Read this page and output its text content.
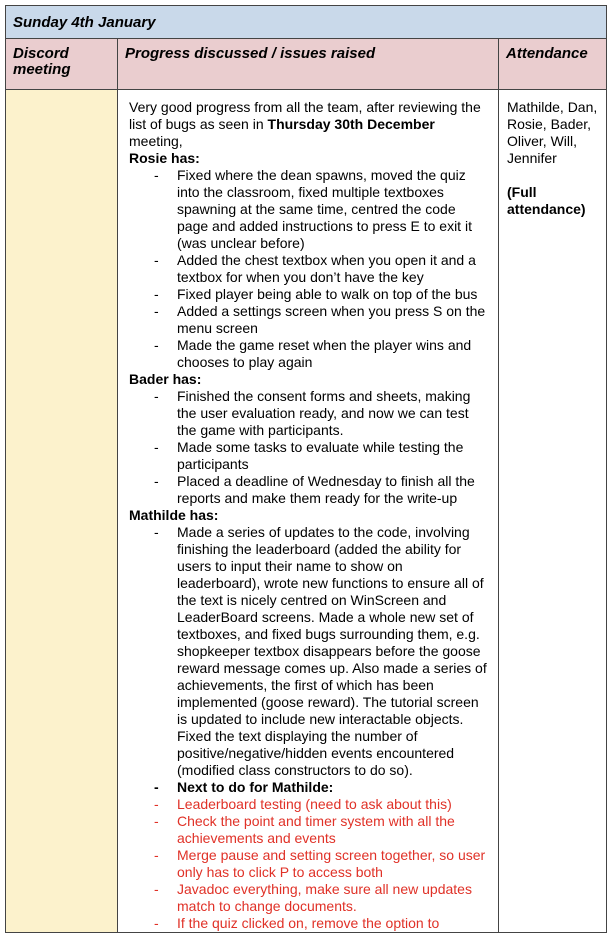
Sunday 4th January
Discord meeting
Progress discussed / issues raised	Attendance

Very good progress from all the team, after reviewing the list of bugs as seen in Thursday 30th December meeting,

Rosie has:

- Fixed where the dean spawns, moved the quiz into the classroom, fixed multiple textboxes spawning at the same time, centred the code page and added instructions to press E to exit it (was unclear before)
- Added the chest textbox when you open it and a textbox for when you don’t have the key
- Fixed player being able to walk on top of the bus
- Added a settings screen when you press S on the menu screen
- Made the game reset when the player wins and chooses to play again

Bader has:

- Finished the consent forms and sheets, making the user evaluation ready, and now we can test the game with participants.
- Made some tasks to evaluate while testing the participants
- Placed a deadline of Wednesday to finish all the reports and make them ready for the write-up

Mathilde has:

- Made a series of updates to the code, involving finishing the leaderboard (added the ability for users to input their name to show on leaderboard), wrote new functions to ensure all of the text is nicely centred on WinScreen and LeaderBoard screens. Made a whole new set of textboxes, and fixed bugs surrounding them, e.g. shopkeeper textbox disappears before the goose reward message comes up. Also made a series of achievements, the first of which has been implemented (goose reward). The tutorial screen is updated to include new interactable objects. Fixed the text displaying the number of positive/negative/hidden events encountered (modified class constructors to do so).
- Next to do for Mathilde:
- Leaderboard testing (need to ask about this)
- Check the point and timer system with all the achievements and events
- Merge pause and setting screen together, so user only has to click P to access both
- Javadoc everything, make sure all new updates match to change documents.
- If the quiz clicked on, remove the option to
Mathilde, Dan, Rosie, Bader, Oliver, Will, Jennifer
(Full attendance)
